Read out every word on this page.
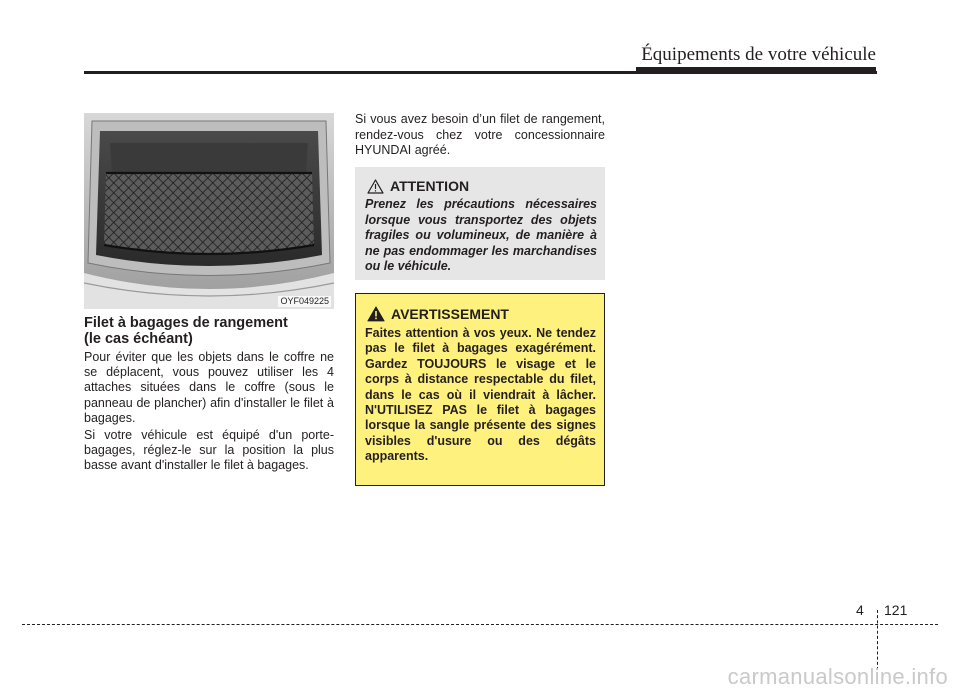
Équipements de votre véhicule
OYF049225
Filet à bagages de rangement
(le cas échéant)
Pour éviter que les objets dans le coffre ne se déplacent, vous pouvez utiliser les 4 attaches situées dans le coffre (sous le panneau de plancher) afin d'installer le filet à bagages.
Si votre véhicule est équipé d'un porte-bagages, réglez-le sur la position la plus basse avant d'installer le filet à bagages.
Si vous avez besoin d’un filet de rangement, rendez-vous chez votre concessionnaire HYUNDAI agréé.
ATTENTION
Prenez les précautions nécessaires lorsque vous transportez des objets fragiles ou volumineux, de manière à ne pas endommager les marchandises ou le véhicule.
AVERTISSEMENT
Faites attention à vos yeux. Ne tendez pas le filet à bagages exagérément. Gardez TOUJOURS le visage et le corps à distance respectable du filet, dans le cas où il viendrait à lâcher. N'UTILISEZ PAS le filet à bagages lorsque la sangle présente des signes visibles d'usure ou des dégâts apparents.
4 121
carmanualsonline.info
